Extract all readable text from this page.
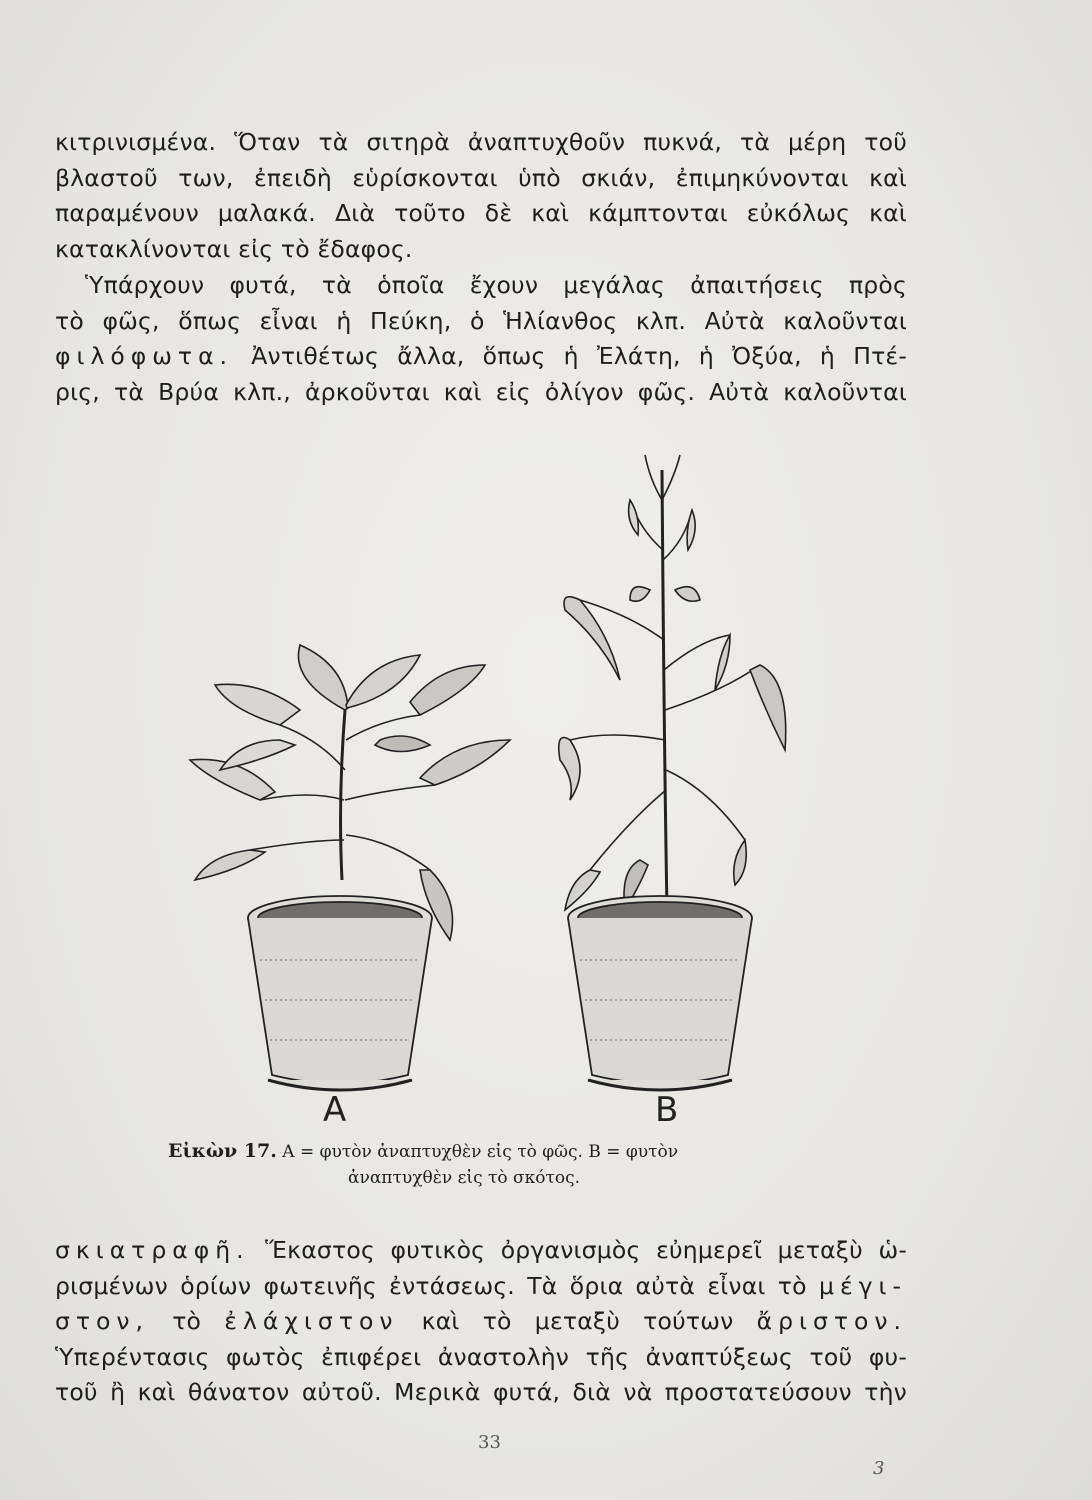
κιτρινισμένα. Ὅταν τὰ σιτηρὰ ἀναπτυχθοῦν πυκνά, τὰ μέρη τοῦ
βλαστοῦ των, ἐπειδὴ εὑρίσκονται ὑπὸ σκιάν, ἐπιμηκύνονται καὶ
παραμένουν μαλακά. Διὰ τοῦτο δὲ καὶ κάμπτονται εὐκόλως καὶ
κατακλίνονται εἰς τὸ ἔδαφος.
Ὑπάρχουν φυτά, τὰ ὁποῖα ἔχουν μεγάλας ἀπαιτήσεις πρὸς
τὸ φῶς, ὅπως εἶναι ἡ Πεύκη, ὁ Ἡλίανθος κλπ. Αὐτὰ καλοῦνται
φιλόφωτα. Ἀντιθέτως ἄλλα, ὅπως ἡ Ἐλάτη, ἡ Ὀξύα, ἡ Πτέ-
ρις, τὰ Βρύα κλπ., ἀρκοῦνται καὶ εἰς ὀλίγον φῶς. Αὐτὰ καλοῦνται
A	B
Εἰκὼν 17. A = φυτὸν ἀναπτυχθὲν εἰς τὸ φῶς. B = φυτὸν
ἀναπτυχθὲν εἰς τὸ σκότος.
σκιατραφῆ. Ἕκαστος φυτικὸς ὀργανισμὸς εὐημερεῖ μεταξὺ ὡ-
ρισμένων ὁρίων φωτεινῆς ἐντάσεως. Τὰ ὅρια αὐτὰ εἶναι τὸ μέγι-
στον, τὸ ἐλάχιστον καὶ τὸ μεταξὺ τούτων ἄριστον.
Ὑπερέντασις φωτὸς ἐπιφέρει ἀναστολὴν τῆς ἀναπτύξεως τοῦ φυ-
τοῦ ἢ καὶ θάνατον αὐτοῦ. Μερικὰ φυτά, διὰ νὰ προστατεύσουν τὴν
33
3
